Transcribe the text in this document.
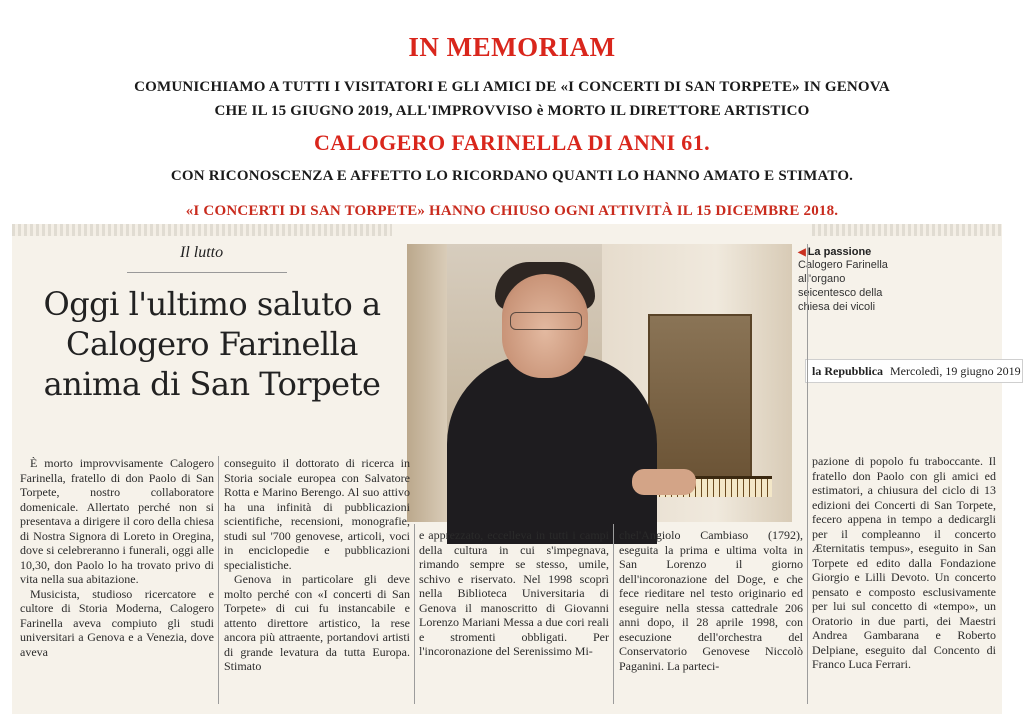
IN MEMORIAM
COMUNICHIAMO A TUTTI I VISITATORI E GLI AMICI DE «I CONCERTI DI SAN TORPETE» IN GENOVA
CHE IL 15 GIUGNO 2019, ALL'IMPROVVISO è MORTO IL DIRETTORE ARTISTICO
CALOGERO FARINELLA DI ANNI 61.
CON RICONOSCENZA E AFFETTO LO RICORDANO QUANTI LO HANNO AMATO E STIMATO.
«I CONCERTI DI SAN TORPETE» HANNO CHIUSO OGNI ATTIVITÀ IL 15 DICEMBRE 2018.
Il lutto
Oggi l'ultimo saluto a Calogero Farinella anima di San Torpete
◀ La passione
Calogero Farinella all'organo seicentesco della chiesa dei vicoli
la Repubblica Mercoledì, 19 giugno 2019

È morto improvvisamente Calogero Farinella, fratello di don Paolo di San Torpete, nostro collaboratore domenicale. Allertato perché non si presentava a dirigere il coro della chiesa di Nostra Signora di Loreto in Oregina, dove si celebreranno i funerali, oggi alle 10,30, don Paolo lo ha trovato privo di vita nella sua abitazione.

Musicista, studioso ricercatore e cultore di Storia Moderna, Calogero Farinella aveva compiuto gli studi universitari a Genova e a Venezia, dove aveva

conseguito il dottorato di ricerca in Storia sociale europea con Salvatore Rotta e Marino Berengo. Al suo attivo ha una infinità di pubblicazioni scientifiche, recensioni, monografie, studi sul '700 genovese, articoli, voci in enciclopedie e pubblicazioni specialistiche.

Genova in particolare gli deve molto perché con «I concerti di San Torpete» di cui fu instancabile e attento direttore artistico, la rese ancora più attraente, portandovi artisti di grande levatura da tutta Europa. Stimato

e apprezzato, eccelleva in tutti i campi della cultura in cui s'impegnava, rimando sempre se stesso, umile, schivo e riservato. Nel 1998 scoprì nella Biblioteca Universitaria di Genova il manoscritto di Giovanni Lorenzo Mariani Messa a due cori reali e stromenti obbligati. Per l'incoronazione del Serenissimo Mi-

chel'Angiolo Cambiaso (1792), eseguita la prima e ultima volta in San Lorenzo il giorno dell'incoronazione del Doge, e che fece rieditare nel testo originario ed eseguire nella stessa cattedrale 206 anni dopo, il 28 aprile 1998, con esecuzione dell'orchestra del Conservatorio Genovese Niccolò Paganini. La parteci-

pazione di popolo fu traboccante. Il fratello don Paolo con gli amici ed estimatori, a chiusura del ciclo di 13 edizioni dei Concerti di San Torpete, fecero appena in tempo a dedicargli per il compleanno il concerto Æternitatis tempus», eseguito in San Torpete ed edito dalla Fondazione Giorgio e Lilli Devoto. Un concerto pensato e composto esclusivamente per lui sul concetto di «tempo», un Oratorio in due parti, dei Maestri Andrea Gambarana e Roberto Delpiane, eseguito dal Concento di Franco Luca Ferrari.
